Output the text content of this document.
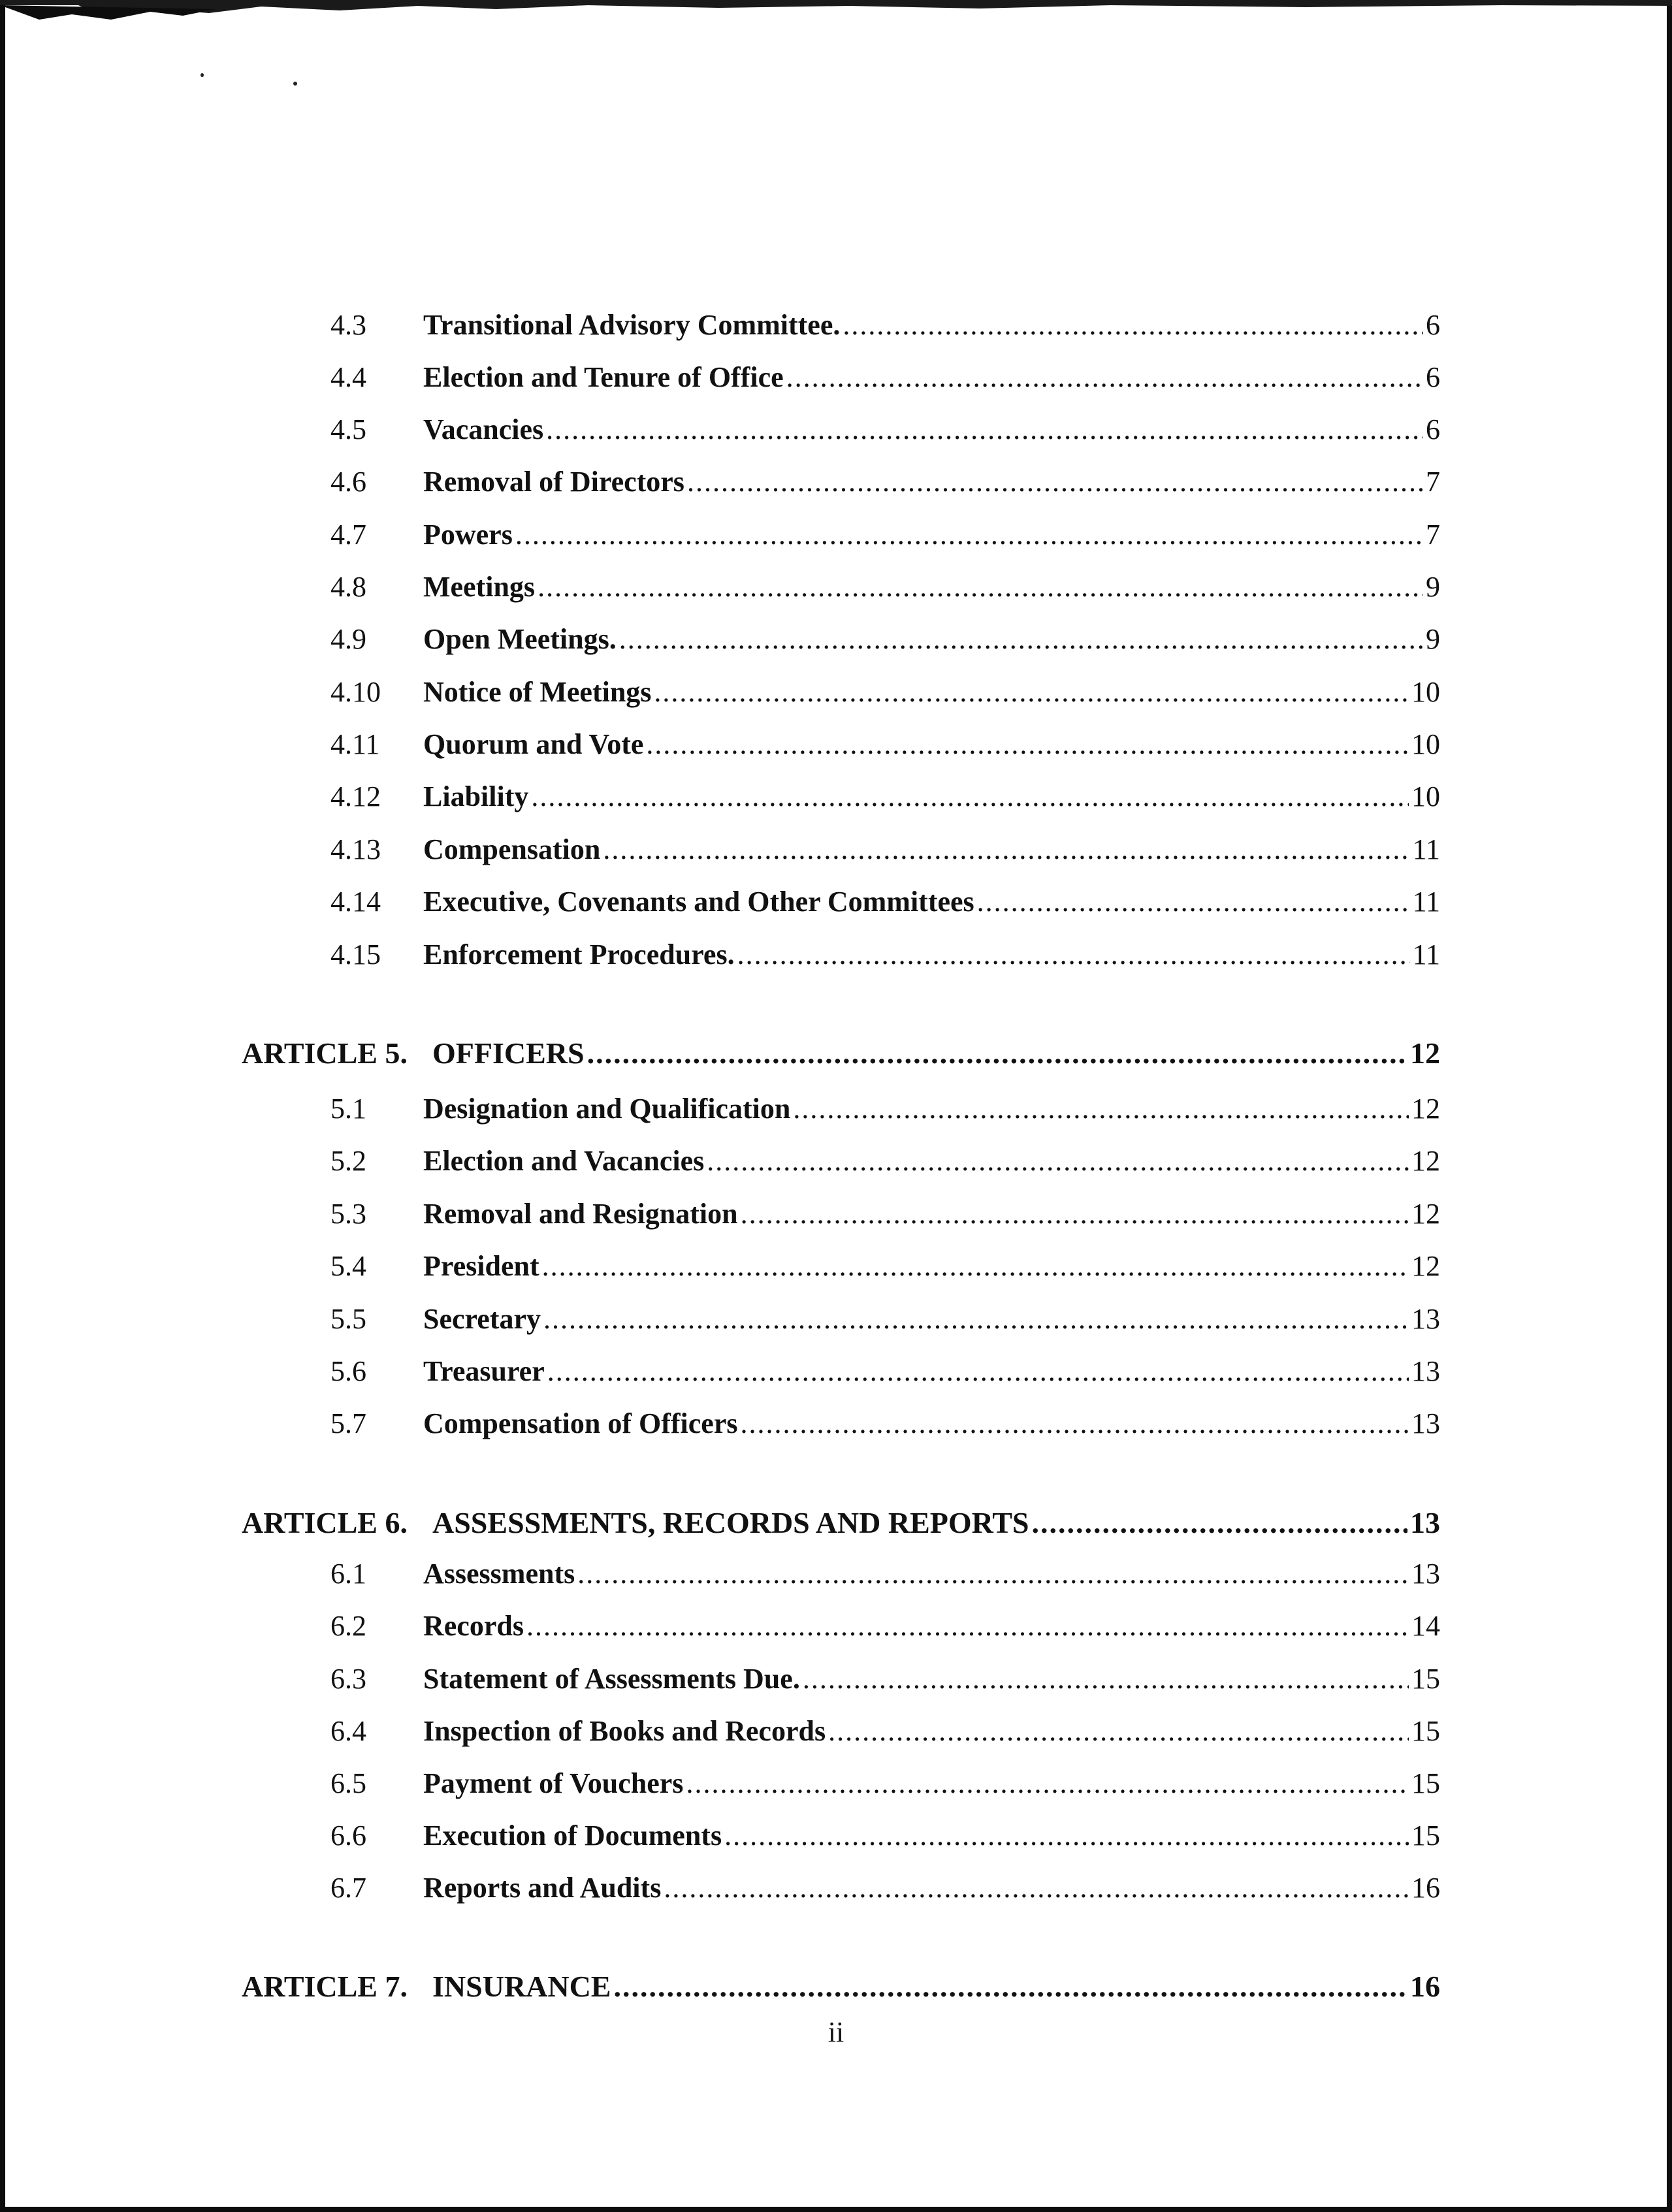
4.3 Transitional Advisory Committee. .....	6
4.4 Election and Tenure of Office .....	6
4.5 Vacancies .....	6
4.6 Removal of Directors .....	7
4.7 Powers .....	7
4.8 Meetings .....	9
4.9 Open Meetings. .....	9
4.10 Notice of Meetings .....	10
4.11 Quorum and Vote .....	10
4.12 Liability .....	10
4.13 Compensation .....	11
4.14 Executive, Covenants and Other Committees .....	11
4.15 Enforcement Procedures. .....	11
ARTICLE 5. OFFICERS .....	12
5.1 Designation and Qualification .....	12
5.2 Election and Vacancies .....	12
5.3 Removal and Resignation .....	12
5.4 President .....	12
5.5 Secretary .....	13
5.6 Treasurer .....	13
5.7 Compensation of Officers .....	13
ARTICLE 6. ASSESSMENTS, RECORDS AND REPORTS .....	13
6.1 Assessments .....	13
6.2 Records .....	14
6.3 Statement of Assessments Due. .....	15
6.4 Inspection of Books and Records .....	15
6.5 Payment of Vouchers .....	15
6.6 Execution of Documents .....	15
6.7 Reports and Audits .....	16
ARTICLE 7. INSURANCE .....	16
ii
